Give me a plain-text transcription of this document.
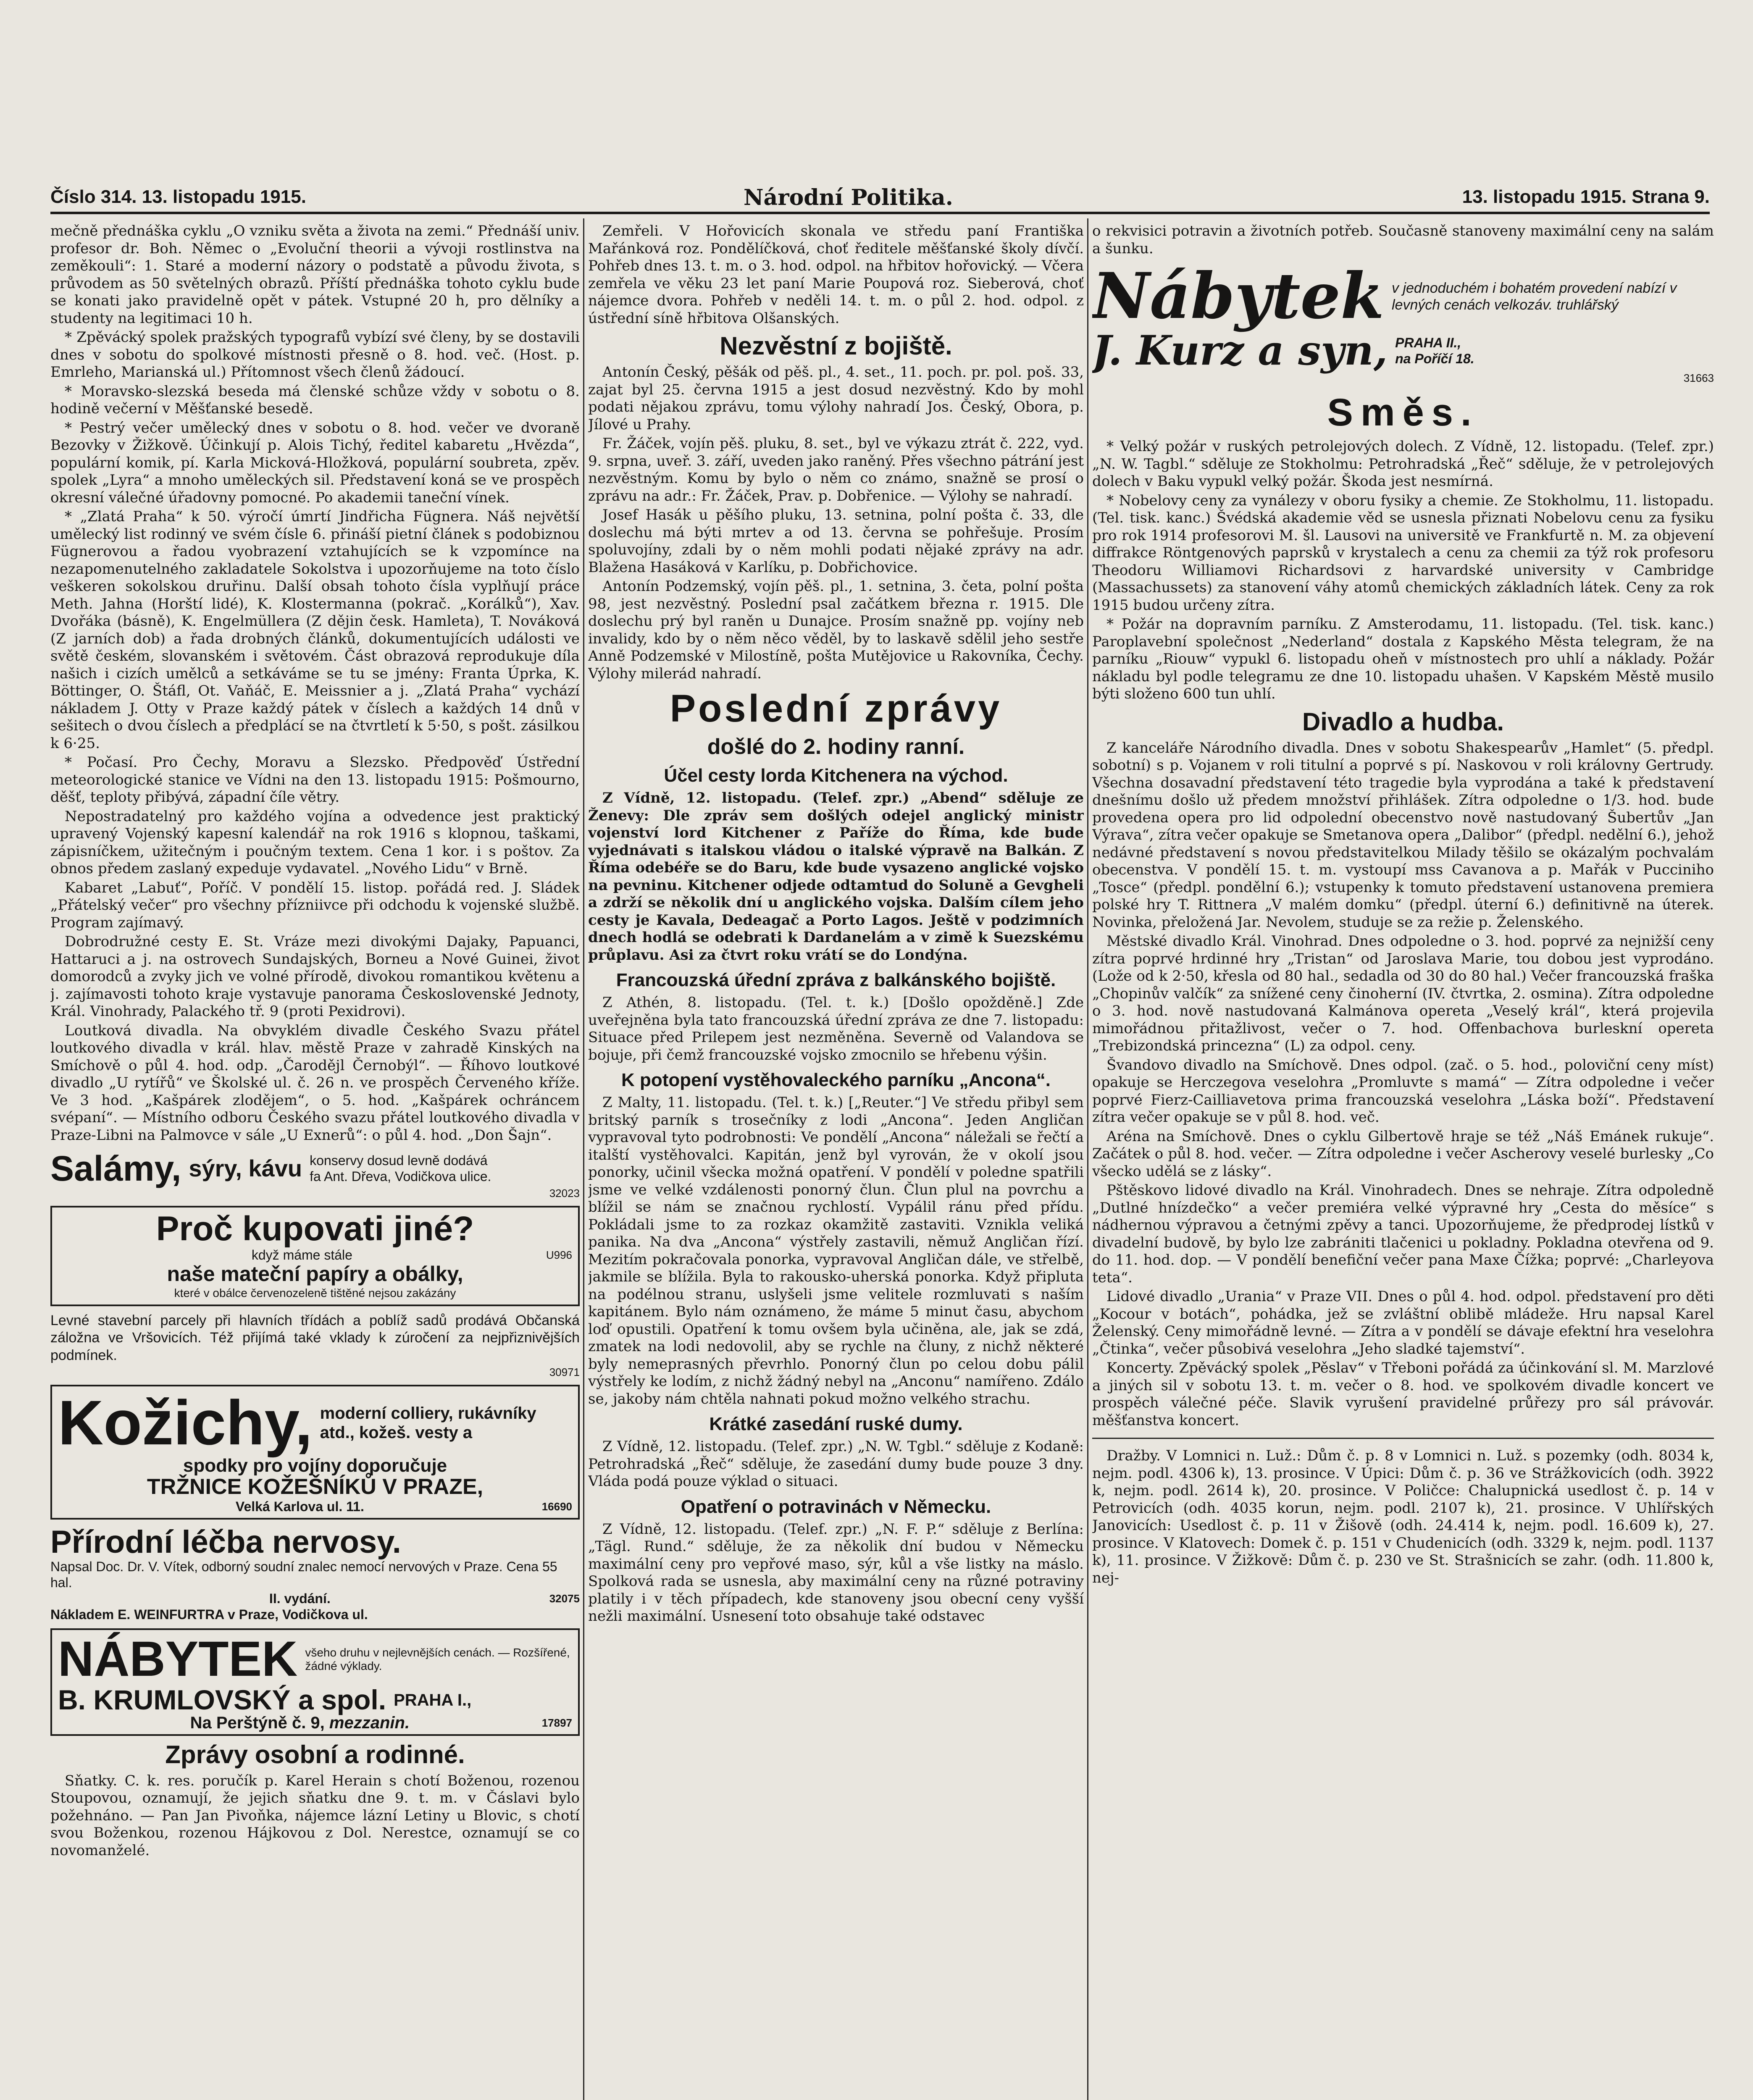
Číslo 314. 13. listopadu 1915.	Národní Politika.	13. listopadu 1915. Strana 9.

mečně přednáška cyklu „O vzniku světa a života na zemi.“ Přednáší univ. profesor dr. Boh. Němec o „Evoluční theorii a vývoji rostlinstva na zeměkouli“: 1. Staré a moderní názory o podstatě a původu života, s průvodem as 50 světelných obrazů. Příští přednáška tohoto cyklu bude se konati jako pravidelně opět v pátek. Vstupné 20 h, pro dělníky a studenty na legitimaci 10 h.

* Zpěvácký spolek pražských typografů vybízí své členy, by se dostavili dnes v sobotu do spolkové místnosti přesně o 8. hod. več. (Host. p. Emrleho, Marianská ul.) Přítomnost všech členů žádoucí.

* Moravsko-slezská beseda má členské schůze vždy v sobotu o 8. hodině večerní v Měšťanské besedě.

* Pestrý večer umělecký dnes v sobotu o 8. hod. večer ve dvoraně Bezovky v Žižkově. Účinkují p. Alois Tichý, ředitel kabaretu „Hvězda“, populární komik, pí. Karla Micková-Hložková, populární soubreta, zpěv. spolek „Lyra“ a mnoho uměleckých sil. Představení koná se ve prospěch okresní válečné úřadovny pomocné. Po akademii taneční vínek.

* „Zlatá Praha“ k 50. výročí úmrtí Jindřicha Fügnera. Náš největší umělecký list rodinný ve svém čísle 6. přináší pietní článek s podobiznou Fügnerovou a řadou vyobrazení vztahujících se k vzpomínce na nezapomenutelného zakladatele Sokolstva i upozorňujeme na toto číslo veškeren sokolskou druřinu. Další obsah tohoto čísla vyplňují práce Meth. Jahna (Horští lidé), K. Klostermanna (pokrač. „Korálků“), Xav. Dvořáka (básně), K. Engelmüllera (Z dějin česk. Hamleta), T. Nováková (Z jarních dob) a řada drobných článků, dokumentujících události ve světě českém, slovanském i světovém. Část obrazová reprodukuje díla našich i cizích umělců a setkáváme se tu se jmény: Franta Úprka, K. Böttinger, O. Štáfl, Ot. Vaňáč, E. Meissnier a j. „Zlatá Praha“ vychází nákladem J. Otty v Praze každý pátek v číslech a každých 14 dnů v sešitech o dvou číslech a předplácí se na čtvrtletí k 5·50, s pošt. zásilkou k 6·25.

* Počasí. Pro Čechy, Moravu a Slezsko. Předpověď Ústřední meteorologické stanice ve Vídni na den 13. listopadu 1915: Pošmourno, děšť, teploty přibývá, západní číle větry.

Nepostradatelný pro každého vojína a odvedence jest praktický upravený Vojenský kapesní kalendář na rok 1916 s klopnou, taškami, zápisníčkem, užitečným i poučným textem. Cena 1 kor. i s poštov. Za obnos předem zaslaný expeduje vydavatel. „Nového Lidu“ v Brně.

Kabaret „Labuť“, Poříč. V pondělí 15. listop. pořádá red. J. Sládek „Přátelský večer“ pro všechny přízniivce při odchodu k vojenské službě. Program zajímavý.

Dobrodružné cesty E. St. Vráze mezi divokými Dajaky, Papuanci, Hattaruci a j. na ostrovech Sundajských, Borneu a Nové Guinei, život domorodců a zvyky jich ve volné přírodě, divokou romantikou květenu a j. zajímavosti tohoto kraje vystavuje panorama Československé Jednoty, Král. Vinohrady, Palackého tř. 9 (proti Pexidrovi).

Loutková divadla. Na obvyklém divadle Českého Svazu přátel loutkového divadla v král. hlav. městě Praze v zahradě Kinských na Smíchově o půl 4. hod. odp. „Čarodějl Černobýl“. — Říhovo loutkové divadlo „U rytířů“ ve Školské ul. č. 26 n. ve prospěch Červeného kříže. Ve 3 hod. „Kašpárek zlodějem“, o 5. hod. „Kašpárek ochráncem svépaní“. — Místního odboru Českého svazu přátel loutkového divadla v Praze-Libni na Palmovce v sále „U Exnerů“: o půl 4. hod. „Don Šajn“.

Salámy, sýry, kávu konservy dosud levně dodává
fa Ant. Dřeva, Vodičkova ulice.
32023
Proč kupovati jiné?
když máme stále	U996
naše mateční papíry a obálky,
které v obálce červenozeleně tištěné nejsou zakázány

Levné stavební parcely při hlavních třídách a poblíž sadů prodává Občanská záložna ve Vršovicích. Též přijímá také vklady k zúročení za nejpřiznivějších podmínek.

30971
Kožichy, moderní colliery, rukávníky atd., kožeš. vesty a
spodky pro vojíny doporučuje
TRŽNICE KOŽEŠNÍKŮ V PRAZE,
Velká Karlova ul. 11.	16690
Přírodní léčba nervosy.
Napsal Doc. Dr. V. Vítek, odborný soudní znalec nemocí nervových v Praze. Cena 55 hal.
II. vydání.	32075
Nákladem E. WEINFURTRA v Praze, Vodičkova ul.
NÁBYTEK všeho druhu v nejlevnějších cenách. — Rozšířené, žádné výklady.
B. KRUMLOVSKÝ a spol. PRAHA I.,
Na Perštýně č. 9, mezzanin.	17897
Zprávy osobní a rodinné.

Sňatky. C. k. res. poručík p. Karel Herain s chotí Boženou, rozenou Stoupovou, oznamují, že jejich sňatku dne 9. t. m. v Čáslavi bylo požehnáno. — Pan Jan Pivoňka, nájemce lázní Letiny u Blovic, s chotí svou Boženkou, rozenou Hájkovou z Dol. Nerestce, oznamují se co novomanželé.

Zemřeli. V Hořovicích skonala ve středu paní Františka Mařánková roz. Pondělíčková, choť ředitele měšťanské školy dívčí. Pohřeb dnes 13. t. m. o 3. hod. odpol. na hřbitov hořovický. — Včera zemřela ve věku 23 let paní Marie Poupová roz. Sieberová, choť nájemce dvora. Pohřeb v neděli 14. t. m. o půl 2. hod. odpol. z ústřední síně hřbitova Olšanských.

Nezvěstní z bojiště.

Antonín Český, pěšák od pěš. pl., 4. set., 11. poch. pr. pol. poš. 33, zajat byl 25. června 1915 a jest dosud nezvěstný. Kdo by mohl podati nějakou zprávu, tomu výlohy nahradí Jos. Český, Obora, p. Jílové u Prahy.

Fr. Žáček, vojín pěš. pluku, 8. set., byl ve výkazu ztrát č. 222, vyd. 9. srpna, uveř. 3. září, uveden jako raněný. Přes všechno pátrání jest nezvěstným. Komu by bylo o něm co známo, snažně se prosí o zprávu na adr.: Fr. Žáček, Prav. p. Dobřenice. — Výlohy se nahradí.

Josef Hasák u pěšího pluku, 13. setnina, polní pošta č. 33, dle doslechu má býti mrtev a od 13. června se pohřešuje. Prosím spoluvojíny, zdali by o něm mohli podati nějaké zprávy na adr. Blažena Hasáková v Karlíku, p. Dobřichovice.

Antonín Podzemský, vojín pěš. pl., 1. setnina, 3. četa, polní pošta 98, jest nezvěstný. Poslední psal začátkem března r. 1915. Dle doslechu prý byl raněn u Dunajce. Prosím snažně pp. vojíny neb invalidy, kdo by o něm něco věděl, by to laskavě sdělil jeho sestře Anně Podzemské v Milostíně, pošta Mutějovice u Rakovníka, Čechy. Výlohy milerád nahradí.

Poslední zprávy
došlé do 2. hodiny ranní.
Účel cesty lorda Kitchenera na východ.

Z Vídně, 12. listopadu. (Telef. zpr.) „Abend“ sděluje ze Ženevy: Dle zpráv sem došlých odejel anglický ministr vojenství lord Kitchener z Paříže do Říma, kde bude vyjednávati s italskou vládou o italské výpravě na Balkán. Z Říma odebéře se do Baru, kde bude vysazeno anglické vojsko na pevninu. Kitchener odjede odtamtud do Soluně a Gevgheli a zdrží se několik dní u anglického vojska. Dalším cílem jeho cesty je Kavala, Dedeagač a Porto Lagos. Ještě v podzimních dnech hodlá se odebrati k Dardanelám a v zimě k Suezskému průplavu. Asi za čtvrt roku vrátí se do Londýna.

Francouzská úřední zpráva z balkánského bojiště.

Z Athén, 8. listopadu. (Tel. t. k.) [Došlo opožděně.] Zde uveřejněna byla tato francouzská úřední zpráva ze dne 7. listopadu: Situace před Prilepem jest nezměněna. Severně od Valandova se bojuje, při čemž francouzské vojsko zmocnilo se hřebenu výšin.

K potopení vystěhovaleckého parníku „Ancona“.

Z Malty, 11. listopadu. (Tel. t. k.) [„Reuter.“] Ve středu přibyl sem britský parník s trosečníky z lodi „Ancona“. Jeden Angličan vypravoval tyto podrobnosti: Ve pondělí „Ancona“ náležali se řečtí a italští vystěhovalci. Kapitán, jenž byl vyrován, že v okolí jsou ponorky, učinil všecka možná opatření. V pondělí v poledne spatřili jsme ve velké vzdálenosti ponorný člun. Člun plul na povrchu a blížil se nám se značnou rychlostí. Vypálil ránu před přídu. Pokládali jsme to za rozkaz okamžitě zastaviti. Vznikla veliká panika. Na dva „Ancona“ výstřely zastavili, němuž Angličan řízí. Mezitím pokračovala ponorka, vypravoval Angličan dále, ve střelbě, jakmile se blížila. Byla to rakousko-uherská ponorka. Když připluta na podélnou stranu, uslyšeli jsme velitele rozmluvati s naším kapitánem. Bylo nám oznámeno, že máme 5 minut času, abychom loď opustili. Opatření k tomu ovšem byla učiněna, ale, jak se zdá, zmatek na lodi nedovolil, aby se rychle na čluny, z nichž některé byly nemeprasných převrhlo. Ponorný člun po celou dobu pálil výstřely ke lodím, z nichž žádný nebyl na „Anconu“ namířeno. Zdálo se, jakoby nám chtěla nahnati pokud možno velkého strachu.

Krátké zasedání ruské dumy.

Z Vídně, 12. listopadu. (Telef. zpr.) „N. W. Tgbl.“ sděluje z Kodaně: Petrohradská „Řeč“ sděluje, že zasedání dumy bude pouze 3 dny. Vláda podá pouze výklad o situaci.

Opatření o potravinách v Německu.

Z Vídně, 12. listopadu. (Telef. zpr.) „N. F. P.“ sděluje z Berlína: „Tägl. Rund.“ sděluje, že za několik dní budou v Německu maximální ceny pro vepřové maso, sýr, kůl a vše listky na máslo. Spolková rada se usnesla, aby maximální ceny na různé potraviny platily i v těch případech, kde stanoveny jsou obecní ceny vyšší nežli maximální. Usnesení toto obsahuje také odstavec

o rekvisici potravin a životních potřeb. Současně stanoveny maximální ceny na salám a šunku.

Nábytek v jednoduchém i bohatém provedení nabízí v levných cenách velkozáv. truhlářský
J. Kurz a syn, PRAHA II.,
na Poříčí 18.
31663
Směs.

* Velký požár v ruských petrolejových dolech. Z Vídně, 12. listopadu. (Telef. zpr.) „N. W. Tagbl.“ sděluje ze Stokholmu: Petrohradská „Řeč“ sděluje, že v petrolejových dolech v Baku vypukl velký požár. Škoda jest nesmírná.

* Nobelovy ceny za vynálezy v oboru fysiky a chemie. Ze Stokholmu, 11. listopadu. (Tel. tisk. kanc.) Švédská akademie věd se usnesla přiznati Nobelovu cenu za fysiku pro rok 1914 profesorovi M. šl. Lausovi na universitě ve Frankfurtě n. M. za objevení diffrakce Röntgenových paprsků v krystalech a cenu za chemii za týž rok profesoru Theodoru Williamovi Richardsovi z harvardské university v Cambridge (Massachussets) za stanovení váhy atomů chemických základních látek. Ceny za rok 1915 budou určeny zítra.

* Požár na dopravním parníku. Z Amsterodamu, 11. listopadu. (Tel. tisk. kanc.) Paroplavební společnost „Nederland“ dostala z Kapského Města telegram, že na parníku „Riouw“ vypukl 6. listopadu oheň v místnostech pro uhlí a náklady. Požár nákladu byl podle telegramu ze dne 10. listopadu uhašen. V Kapském Městě musilo býti složeno 600 tun uhlí.

Divadlo a hudba.

Z kanceláře Národního divadla. Dnes v sobotu Shakespearův „Hamlet“ (5. předpl. sobotní) s p. Vojanem v roli titulní a poprvé s pí. Naskovou v roli královny Gertrudy. Všechna dosavadní představení této tragedie byla vyprodána a také k představení dnešnímu došlo už předem množství přihlášek. Zítra odpoledne o 1/3. hod. bude provedena opera pro lid odpolední obecenstvo nově nastudovaný Šubertův „Jan Výrava“, zítra večer opakuje se Smetanova opera „Dalibor“ (předpl. nedělní 6.), jehož nedávné představení s novou představitelkou Milady těšilo se okázalým pochvalám obecenstva. V pondělí 15. t. m. vystoupí mss Cavanova a p. Mařák v Pucciniho „Tosce“ (předpl. pondělní 6.); vstupenky k tomuto představení ustanovena premiera polské hry T. Rittnera „V malém domku“ (předpl. úterní 6.) definitivně na úterek. Novinka, přeložená Jar. Nevolem, studuje se za režie p. Želenského.

Městské divadlo Král. Vinohrad. Dnes odpoledne o 3. hod. poprvé za nejnižší ceny zítra poprvé hrdinné hry „Tristan“ od Jaroslava Marie, tou dobou jest vyprodáno. (Lože od k 2·50, křesla od 80 hal., sedadla od 30 do 80 hal.) Večer francouzská fraška „Chopinův valčík“ za snížené ceny činoherní (IV. čtvrtka, 2. osmina). Zítra odpoledne o 3. hod. nově nastudovaná Kalmánova opereta „Veselý král“, která projevila mimořádnou přitažlivost, večer o 7. hod. Offenbachova burleskní opereta „Trebizondská princezna“ (L) za odpol. ceny.

Švandovo divadlo na Smíchově. Dnes odpol. (zač. o 5. hod., poloviční ceny míst) opakuje se Herczegova veselohra „Promluvte s mamá“ — Zítra odpoledne i večer poprvé Fierz-Cailliavetova prima francouzská veselohra „Láska boží“. Představení zítra večer opakuje se v půl 8. hod. več.

Aréna na Smíchově. Dnes o cyklu Gilbertově hraje se též „Náš Emánek rukuje“. Začátek o půl 8. hod. večer. — Zítra odpoledne i večer Ascherovy veselé burlesky „Co všecko udělá se z lásky“.

Pštěskovo lidové divadlo na Král. Vinohradech. Dnes se nehraje. Zítra odpoledně „Dutlné hnízdečko“ a večer premiéra velké výpravné hry „Cesta do měsíce“ s nádhernou výpravou a četnými zpěvy a tanci. Upozorňujeme, že předprodej lístků v divadelní budově, by bylo lze zabrániti tlačenici u pokladny. Pokladna otevřena od 9. do 11. hod. dop. — V pondělí benefiční večer pana Maxe Čížka; poprvé: „Charleyova teta“.

Lidové divadlo „Urania“ v Praze VII. Dnes o půl 4. hod. odpol. představení pro děti „Kocour v botách“, pohádka, jež se zvláštní oblibě mládeže. Hru napsal Karel Želenský. Ceny mimořádně levné. — Zítra a v pondělí se dávaje efektní hra veselohra „Čtinka“, večer působivá veselohra „Jeho sladké tajemství“.

Koncerty. Zpěvácký spolek „Pěslav“ v Třeboni pořádá za účinkování sl. M. Marzlové a jiných sil v sobotu 13. t. m. večer o 8. hod. ve spolkovém divadle koncert ve prospěch válečné péče. Slavik vyrušení pravidelné průřezy pro sál právovár. měšťanstva koncert.

Dražby. V Lomnici n. Luž.: Dům č. p. 8 v Lomnici n. Luž. s pozemky (odh. 8034 k, nejm. podl. 4306 k), 13. prosince. V Úpici: Dům č. p. 36 ve Strážkovicích (odh. 3922 k, nejm. podl. 2614 k), 20. prosince. V Poličce: Chalupnická usedlost č. p. 14 v Petrovicích (odh. 4035 korun, nejm. podl. 2107 k), 21. prosince. V Uhlířských Janovicích: Usedlost č. p. 11 v Žišově (odh. 24.414 k, nejm. podl. 16.609 k), 27. prosince. V Klatovech: Domek č. p. 151 v Chudenicích (odh. 3329 k, nejm. podl. 1137 k), 11. prosince. V Žižkově: Dům č. p. 230 ve St. Strašnicích se zahr. (odh. 11.800 k, nej-
